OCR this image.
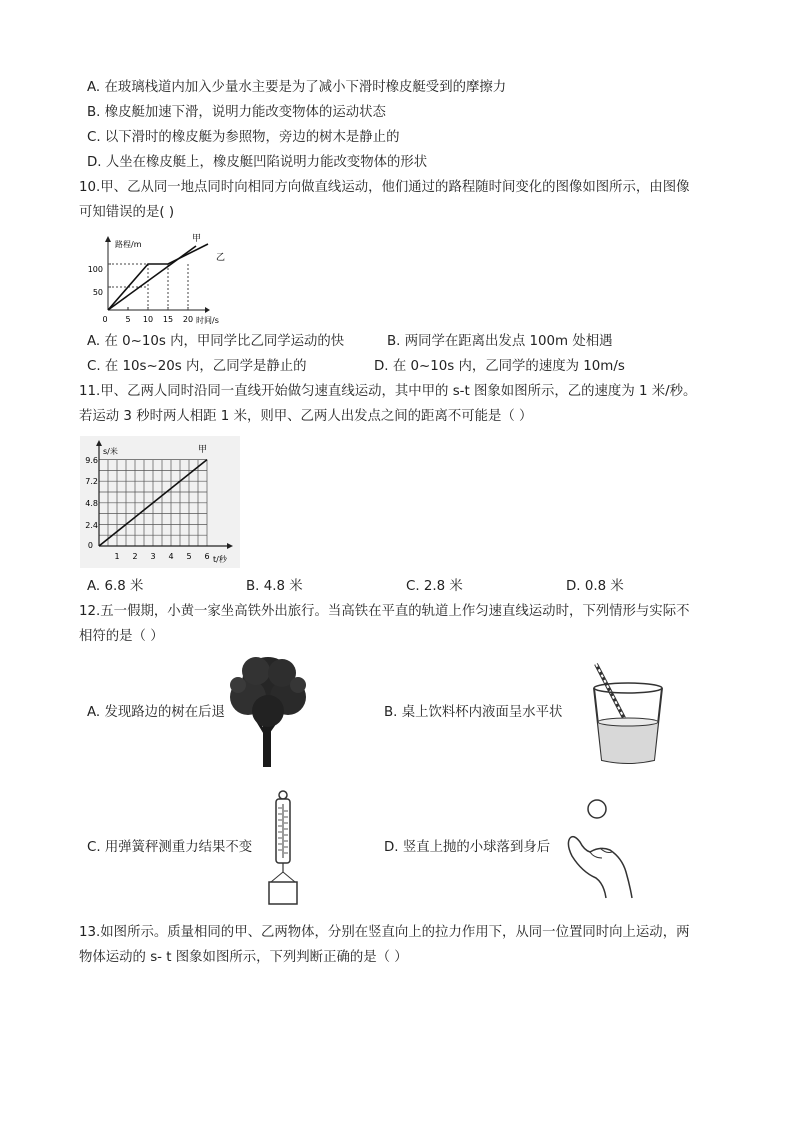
A. 在玻璃栈道内加入少量水主要是为了减小下滑时橡皮艇受到的摩擦力
B. 橡皮艇加速下滑，说明力能改变物体的运动状态
C. 以下滑时的橡皮艇为参照物，旁边的树木是静止的
D. 人坐在橡皮艇上，橡皮艇凹陷说明力能改变物体的形状
10.甲、乙从同一地点同时向相同方向做直线运动，他们通过的路程随时间变化的图像如图所示，由图像
可知错误的是( )
路程/m
时间/s
0
50
100
5 10 15 20
甲
乙
A. 在 0~10s 内，甲同学比乙同学运动的快	B. 两同学在距离出发点 100m 处相遇
C. 在 10s~20s 内，乙同学是静止的	D. 在 0~10s 内，乙同学的速度为 10m/s
11.甲、乙两人同时沿同一直线开始做匀速直线运动，其中甲的 s-t 图象如图所示，乙的速度为 1 米/秒。
若运动 3 秒时两人相距 1 米，则甲、乙两人出发点之间的距离不可能是（ ）
s/米
t/秒
0
2.4
4.8
7.2
9.6
1 2 3 4 5 6
甲
A. 6.8 米	B. 4.8 米	C. 2.8 米	D. 0.8 米
12.五一假期，小黄一家坐高铁外出旅行。当高铁在平直的轨道上作匀速直线运动时，下列情形与实际不
相符的是（ ）
A. 发现路边的树在后退	B. 桌上饮料杯内液面呈水平状
C. 用弹簧秤测重力结果不变	D. 竖直上抛的小球落到身后
13.如图所示。质量相同的甲、乙两物体，分别在竖直向上的拉力作用下，从同一位置同时向上运动，两
物体运动的 s- t 图象如图所示，下列判断正确的是（ ）
